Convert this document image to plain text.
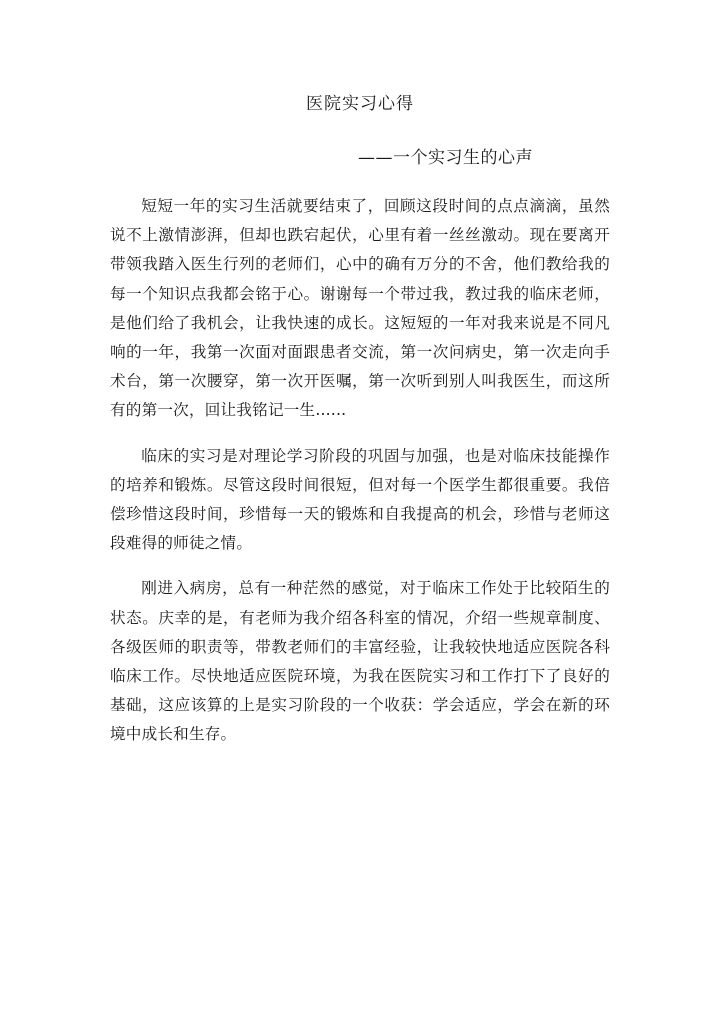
医院实习心得
——一个实习生的心声

短短一年的实习生活就要结束了，回顾这段时间的点点滴滴，虽然说不上激情澎湃，但却也跌宕起伏，心里有着一丝丝激动。现在要离开带领我踏入医生行列的老师们，心中的确有万分的不舍，他们教给我的每一个知识点我都会铭于心。谢谢每一个带过我，教过我的临床老师，是他们给了我机会，让我快速的成长。这短短的一年对我来说是不同凡响的一年，我第一次面对面跟患者交流，第一次问病史，第一次走向手术台，第一次腰穿，第一次开医嘱，第一次听到别人叫我医生，而这所有的第一次，回让我铭记一生......

临床的实习是对理论学习阶段的巩固与加强，也是对临床技能操作的培养和锻炼。尽管这段时间很短，但对每一个医学生都很重要。我倍偿珍惜这段时间，珍惜每一天的锻炼和自我提高的机会，珍惜与老师这段难得的师徒之情。

刚进入病房，总有一种茫然的感觉，对于临床工作处于比较陌生的状态。庆幸的是，有老师为我介绍各科室的情况，介绍一些规章制度、各级医师的职责等，带教老师们的丰富经验，让我较快地适应医院各科临床工作。尽快地适应医院环境，为我在医院实习和工作打下了良好的基础，这应该算的上是实习阶段的一个收获：学会适应，学会在新的环境中成长和生存。
